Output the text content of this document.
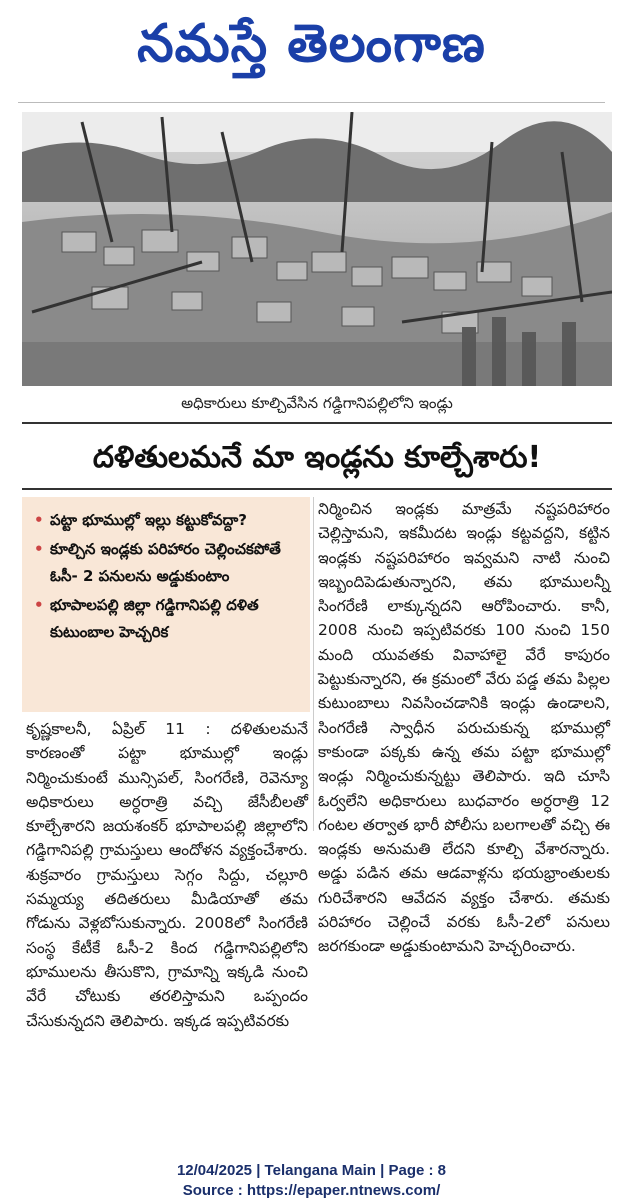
నమస్తే తెలంగాణ
అధికారులు కూల్చివేసిన గడ్డిగానిపల్లిలోని ఇండ్లు
దళితులమనే మా ఇండ్లను కూల్చేశారు!
• పట్టా భూముల్లో ఇల్లు కట్టుకోవద్దా?
• కూల్చిన ఇండ్లకు పరిహారం చెల్లించకపోతే ఓసీ- 2 పనులను అడ్డుకుంటాం
• భూపాలపల్లి జిల్లా గడ్డిగానిపల్లి దళిత కుటుంబాల హెచ్చరిక

కృష్ణకాలనీ, ఏప్రిల్ 11 : దళితులమనే కారణంతో పట్టా భూముల్లో ఇండ్లు నిర్మించుకుంటే మున్సిపల్, సింగరేణి, రెవెన్యూ అధికారులు అర్ధరాత్రి వచ్చి జేసీబీలతో కూల్చేశారని జయశంకర్ భూపాలపల్లి జిల్లాలోని గడ్డిగానిపల్లి గ్రామస్తులు ఆందోళన వ్యక్తంచేశారు. శుక్రవారం గ్రామస్తులు సెగ్గం సిద్దు, చల్లూరి సమ్మయ్య తదితరులు మీడియాతో తమ గోడును వెళ్లబోసుకున్నారు. 2008లో సింగరేణి సంస్థ కేటీకే ఓసీ-2 కింద గడ్డిగానిపల్లిలోని భూములను తీసుకొని, గ్రామాన్ని ఇక్కడి నుంచి వేరే చోటుకు తరలిస్తామని ఒప్పందం చేసుకున్నదని తెలిపారు. ఇక్కడ ఇప్పటివరకు

నిర్మించిన ఇండ్లకు మాత్రమే నష్టపరిహారం చెల్లిస్తామని, ఇకమీదట ఇండ్లు కట్టవద్దని, కట్టిన ఇండ్లకు నష్టపరిహారం ఇవ్వమని నాటి నుంచి ఇబ్బందిపెడుతున్నారని, తమ భూములన్నీ సింగరేణి లాక్కున్నదని ఆరోపించారు. కానీ, 2008 నుంచి ఇప్పటివరకు 100 నుంచి 150 మంది యువతకు వివాహాలై వేరే కాపురం పెట్టుకున్నారని, ఈ క్రమంలో వేరు పడ్డ తమ పిల్లల కుటుంబాలు నివసించడానికి ఇండ్లు ఉండాలని, సింగరేణి స్వాధీన పరుచుకున్న భూముల్లో కాకుండా పక్కకు ఉన్న తమ పట్టా భూముల్లో ఇండ్లు నిర్మించుకున్నట్టు తెలిపారు. ఇది చూసి ఓర్వలేని అధికారులు బుధవారం అర్ధరాత్రి 12 గంటల తర్వాత భారీ పోలీసు బలగాలతో వచ్చి ఈ ఇండ్లకు అనుమతి లేదని కూల్చి వేశారన్నారు. అడ్డు పడిన తమ ఆడవాళ్లను భయభ్రాంతులకు గురిచేశారని ఆవేదన వ్యక్తం చేశారు. తమకు పరిహారం చెల్లించే వరకు ఓసీ-2లో పనులు జరగకుండా అడ్డుకుంటామని హెచ్చరించారు.

12/04/2025 | Telangana Main | Page : 8
Source : https://epaper.ntnews.com/
